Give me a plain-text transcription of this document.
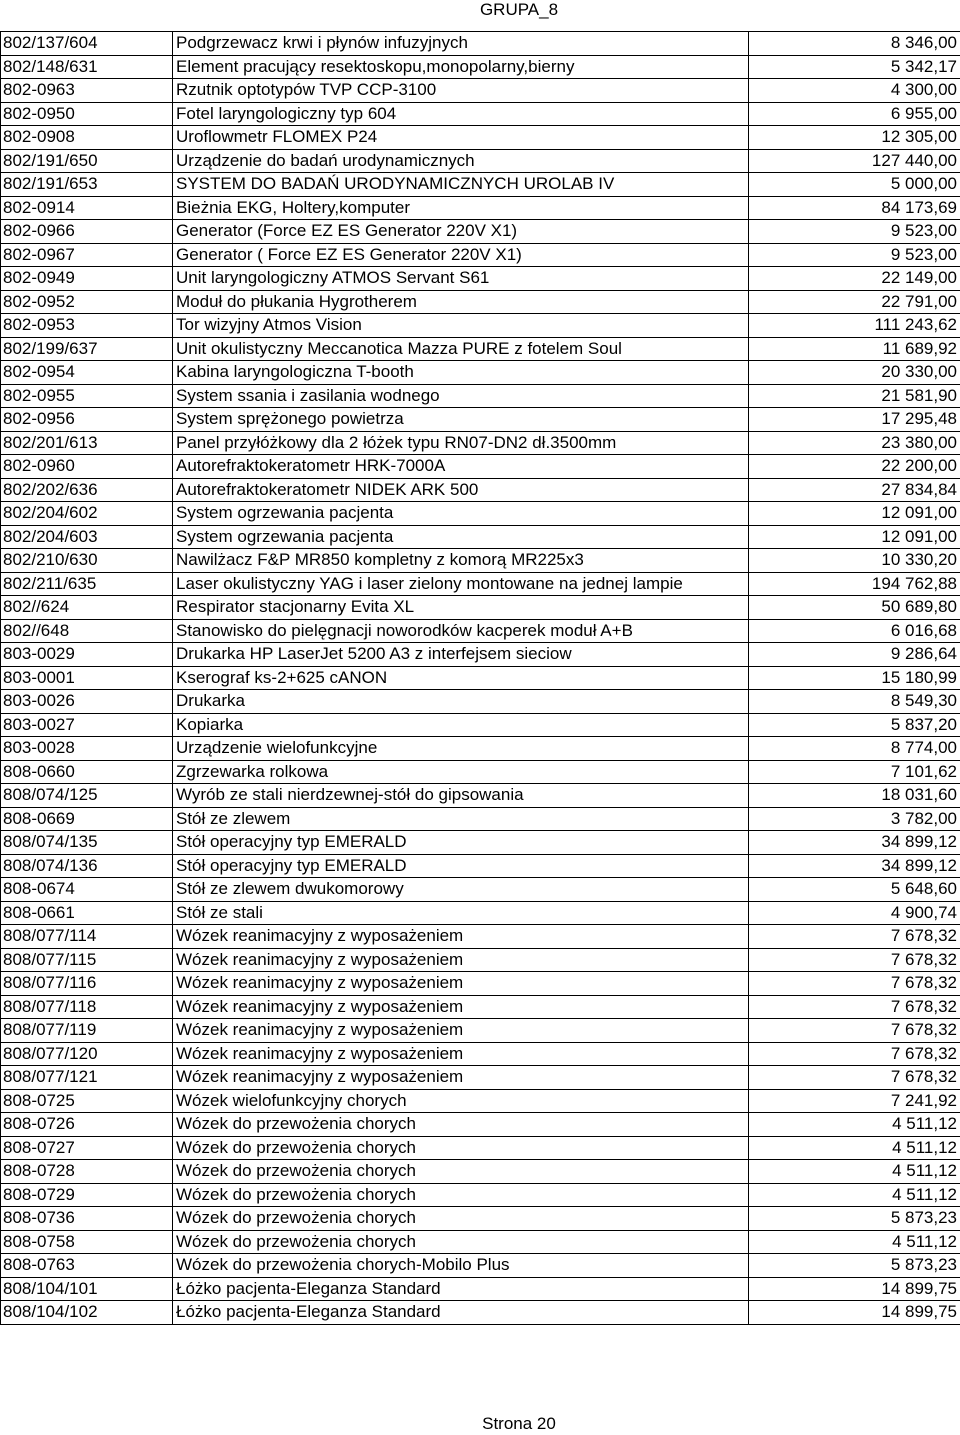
GRUPA_8
802/137/604	Podgrzewacz krwi i płynów infuzyjnych	8 346,00
802/148/631	Element pracujący resektoskopu,monopolarny,bierny	5 342,17
802-0963	Rzutnik optotypów TVP CCP-3100	4 300,00
802-0950	Fotel laryngologiczny typ 604	6 955,00
802-0908	Uroflowmetr FLOMEX P24	12 305,00
802/191/650	Urządzenie do badań urodynamicznych	127 440,00
802/191/653	SYSTEM DO BADAŃ URODYNAMICZNYCH UROLAB IV	5 000,00
802-0914	Bieżnia EKG, Holtery,komputer	84 173,69
802-0966	Generator (Force EZ ES Generator 220V X1)	9 523,00
802-0967	Generator ( Force EZ ES Generator 220V X1)	9 523,00
802-0949	Unit laryngologiczny ATMOS Servant S61	22 149,00
802-0952	Moduł do płukania Hygrotherem	22 791,00
802-0953	Tor wizyjny Atmos Vision	111 243,62
802/199/637	Unit okulistyczny Meccanotica Mazza PURE z fotelem Soul	11 689,92
802-0954	Kabina laryngologiczna T-booth	20 330,00
802-0955	System ssania i zasilania wodnego	21 581,90
802-0956	System sprężonego powietrza	17 295,48
802/201/613	Panel przyłóżkowy dla 2 łóżek typu RN07-DN2 dł.3500mm	23 380,00
802-0960	Autorefraktokeratometr HRK-7000A	22 200,00
802/202/636	Autorefraktokeratometr NIDEK ARK 500	27 834,84
802/204/602	System ogrzewania pacjenta	12 091,00
802/204/603	System ogrzewania pacjenta	12 091,00
802/210/630	Nawilżacz F&P MR850 kompletny z komorą MR225x3	10 330,20
802/211/635	Laser okulistyczny YAG i laser zielony montowane na jednej lampie	194 762,88
802//624	Respirator stacjonarny Evita XL	50 689,80
802//648	Stanowisko do pielęgnacji noworodków kacperek moduł A+B	6 016,68
803-0029	Drukarka HP LaserJet 5200 A3 z interfejsem sieciow	9 286,64
803-0001	Kserograf ks-2+625 cANON	15 180,99
803-0026	Drukarka	8 549,30
803-0027	Kopiarka	5 837,20
803-0028	Urządzenie wielofunkcyjne	8 774,00
808-0660	Zgrzewarka rolkowa	7 101,62
808/074/125	Wyrób ze stali nierdzewnej-stół do gipsowania	18 031,60
808-0669	Stół ze zlewem	3 782,00
808/074/135	Stół operacyjny typ EMERALD	34 899,12
808/074/136	Stół operacyjny typ EMERALD	34 899,12
808-0674	Stół ze zlewem dwukomorowy	5 648,60
808-0661	Stół ze stali	4 900,74
808/077/114	Wózek reanimacyjny z wyposażeniem	7 678,32
808/077/115	Wózek reanimacyjny z wyposażeniem	7 678,32
808/077/116	Wózek reanimacyjny z wyposażeniem	7 678,32
808/077/118	Wózek reanimacyjny z wyposażeniem	7 678,32
808/077/119	Wózek reanimacyjny z wyposażeniem	7 678,32
808/077/120	Wózek reanimacyjny z wyposażeniem	7 678,32
808/077/121	Wózek reanimacyjny z wyposażeniem	7 678,32
808-0725	Wózek wielofunkcyjny chorych	7 241,92
808-0726	Wózek do przewożenia chorych	4 511,12
808-0727	Wózek do przewożenia chorych	4 511,12
808-0728	Wózek do przewożenia chorych	4 511,12
808-0729	Wózek do przewożenia chorych	4 511,12
808-0736	Wózek do przewożenia chorych	5 873,23
808-0758	Wózek do przewożenia chorych	4 511,12
808-0763	Wózek do przewożenia chorych-Mobilo Plus	5 873,23
808/104/101	Łóżko pacjenta-Eleganza Standard	14 899,75
808/104/102	Łóżko pacjenta-Eleganza Standard	14 899,75
Strona 20
